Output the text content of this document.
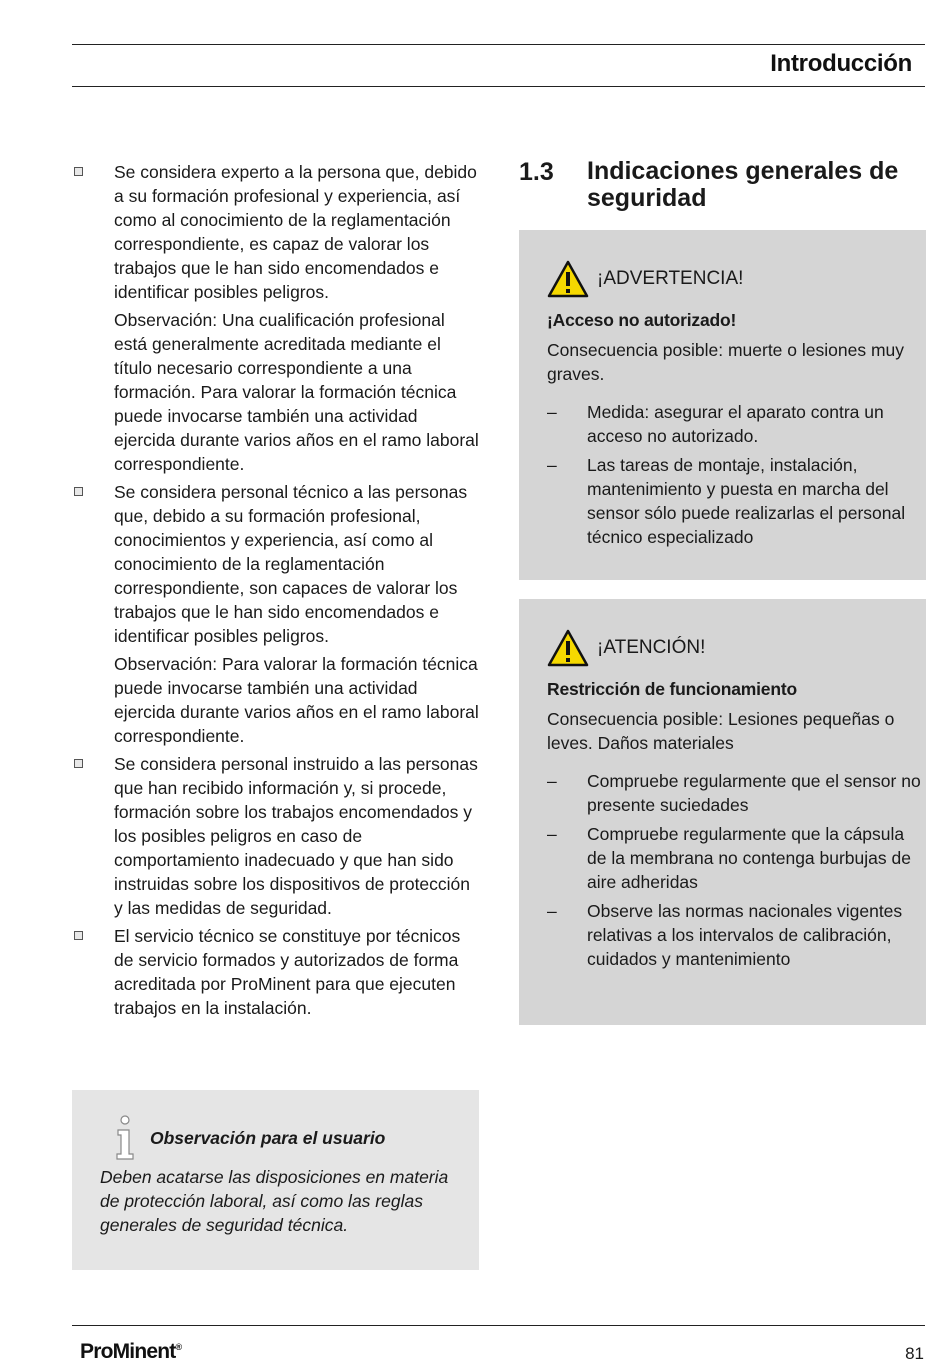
Introducción

Se considera experto a la persona que, debido a su formación profesional y experiencia, así como al conocimiento de la reglamentación correspondiente, es capaz de valorar los trabajos que le han sido encomendados e identificar posibles peligros.

Observación: Una cualificación profesional está generalmente acreditada mediante el título necesario correspondiente a una formación. Para valorar la formación técnica puede invocarse también una actividad ejercida durante varios años en el ramo laboral correspondiente.

Se considera personal técnico a las personas que, debido a su formación profesional, conocimientos y experiencia, así como al conocimiento de la reglamentación correspondiente, son capaces de valorar los trabajos que le han sido encomendados e identificar posibles peligros.

Observación: Para valorar la formación técnica puede invocarse también una actividad ejercida durante varios años en el ramo laboral correspondiente.

Se considera personal instruido a las personas que han recibido información y, si procede, formación sobre los trabajos encomendados y los posibles peligros en caso de comportamiento inadecuado y que han sido instruidas sobre los dispositivos de protección y las medidas de seguridad.

El servicio técnico se constituye por técnicos de servicio formados y autorizados de forma acreditada por ProMinent para que ejecuten trabajos en la instalación.

Observación para el usuario
Deben acatarse las disposiciones en materia de protección laboral, así como las reglas generales de seguridad técnica.
1.3 Indicaciones generales de seguridad
¡ADVERTENCIA!
¡Acceso no autorizado!
Consecuencia posible: muerte o lesiones muy graves.
– Medida: asegurar el aparato contra un acceso no autorizado.
– Las tareas de montaje, instalación, mantenimiento y puesta en marcha del sensor sólo puede realizarlas el personal técnico especializado
¡ATENCIÓN!
Restricción de funcionamiento
Consecuencia posible: Lesiones pequeñas o leves. Daños materiales
– Compruebe regularmente que el sensor no presente suciedades
– Compruebe regularmente que la cápsula de la membrana no contenga burbujas de aire adheridas
– Observe las normas nacionales vigentes relativas a los intervalos de calibración, cuidados y mantenimiento
ProMinent®	81
